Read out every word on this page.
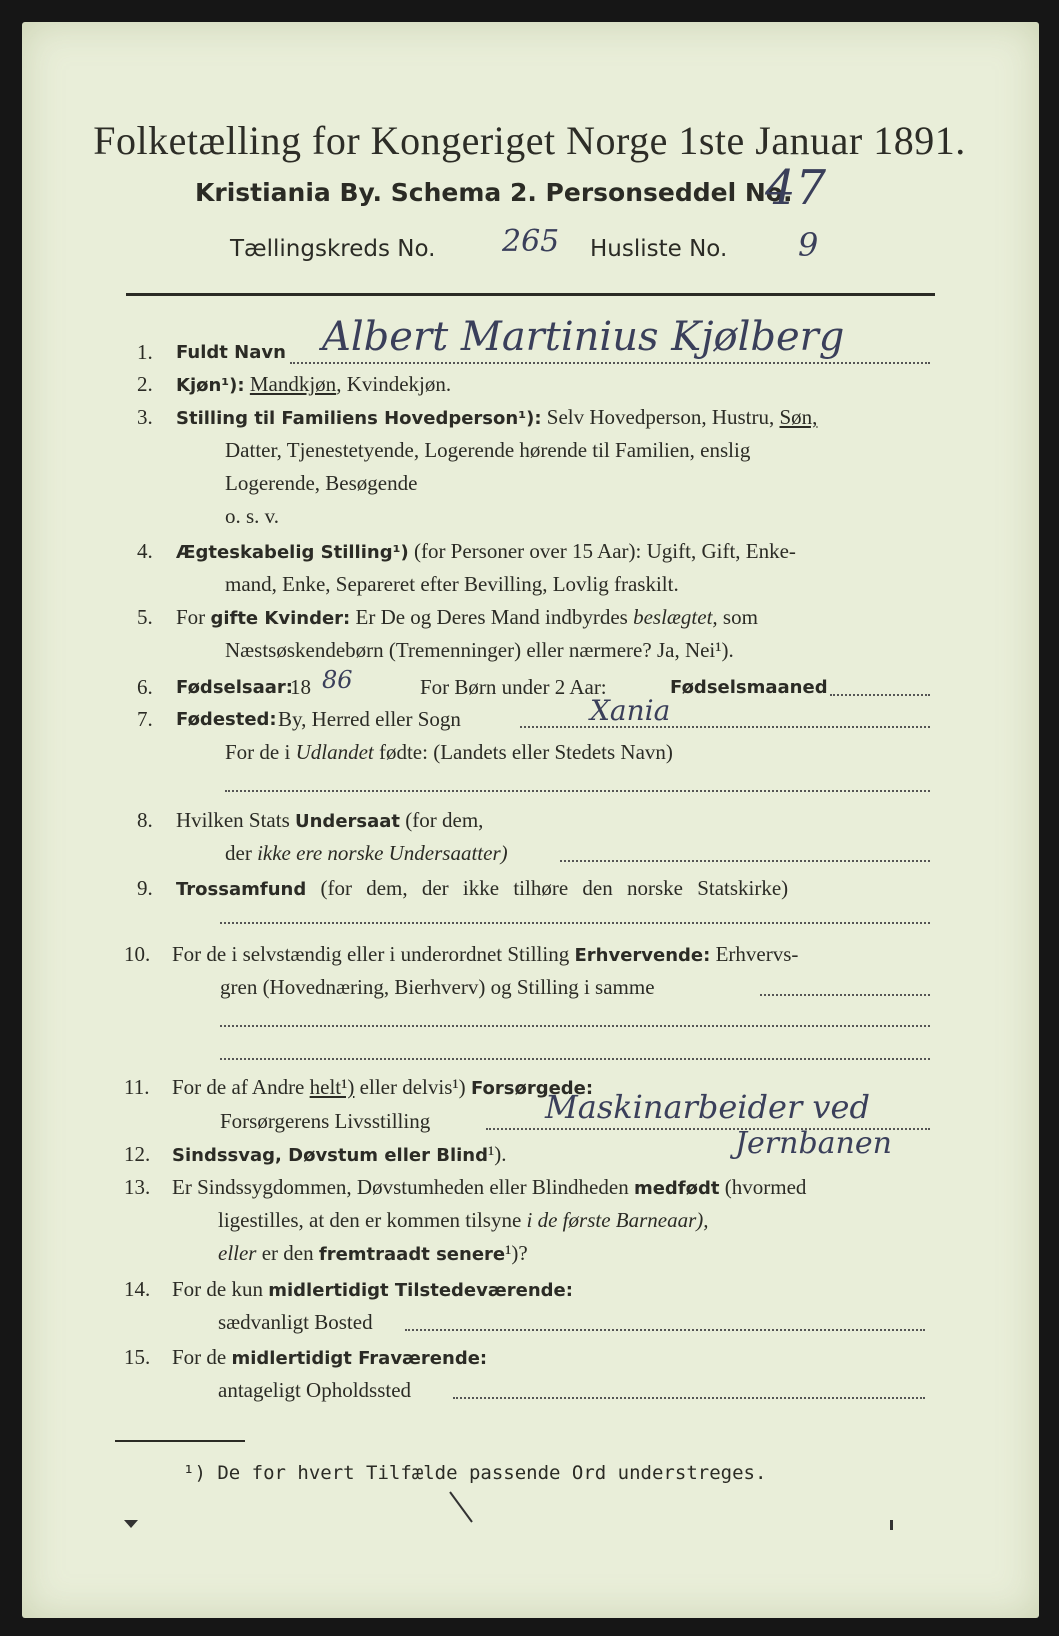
Folketælling for Kongeriget Norge 1ste Januar 1891.
Kristiania By. Schema 2. Personseddel No.
47
Tællingskreds No. 265 Husliste No. 9
1. Fuldt Navn Albert Martinius Kjølberg
2. Kjøn¹): Mandkjøn, Kvindekjøn.
3. Stilling til Familiens Hovedperson¹): Selv Hovedperson, Hustru, Søn,
Datter, Tjenestetyende, Logerende hørende til Familien, enslig
Logerende, Besøgende
o. s. v.
4. Ægteskabelig Stilling¹) (for Personer over 15 Aar): Ugift, Gift, Enke-
mand, Enke, Separeret efter Bevilling, Lovlig fraskilt.
5. For gifte Kvinder: Er De og Deres Mand indbyrdes beslægtet, som
Næstsøskendebørn (Tremenninger) eller nærmere? Ja, Nei¹).
6. Fødselsaar:
18 86	For Børn under 2 Aar:	Fødselsmaaned
7. Fødested: By, Herred eller Sogn	Xania
For de i Udlandet fødte: (Landets eller Stedets Navn)
8. Hvilken Stats Undersaat (for dem,
der ikke ere norske Undersaatter)
9. Trossamfund (for dem, der ikke tilhøre den norske Statskirke)
10. For de i selvstændig eller i underordnet Stilling Erhvervende: Erhvervs-
gren (Hovednæring, Bierhverv) og Stilling i samme
11. For de af Andre helt¹) eller delvis¹) Forsørgede:
Forsørgerens Livsstilling	Maskinarbeider ved
12. Sindssvag, Døvstum eller Blind¹).	Jernbanen
13. Er Sindssygdommen, Døvstumheden eller Blindheden medfødt (hvormed
ligestilles, at den er kommen tilsyne i de første Barneaar),
eller er den fremtraadt senere¹)?
14. For de kun midlertidigt Tilstedeværende:
sædvanligt Bosted
15. For de midlertidigt Fraværende:
antageligt Opholdssted
¹) De for hvert Tilfælde passende Ord understreges.
